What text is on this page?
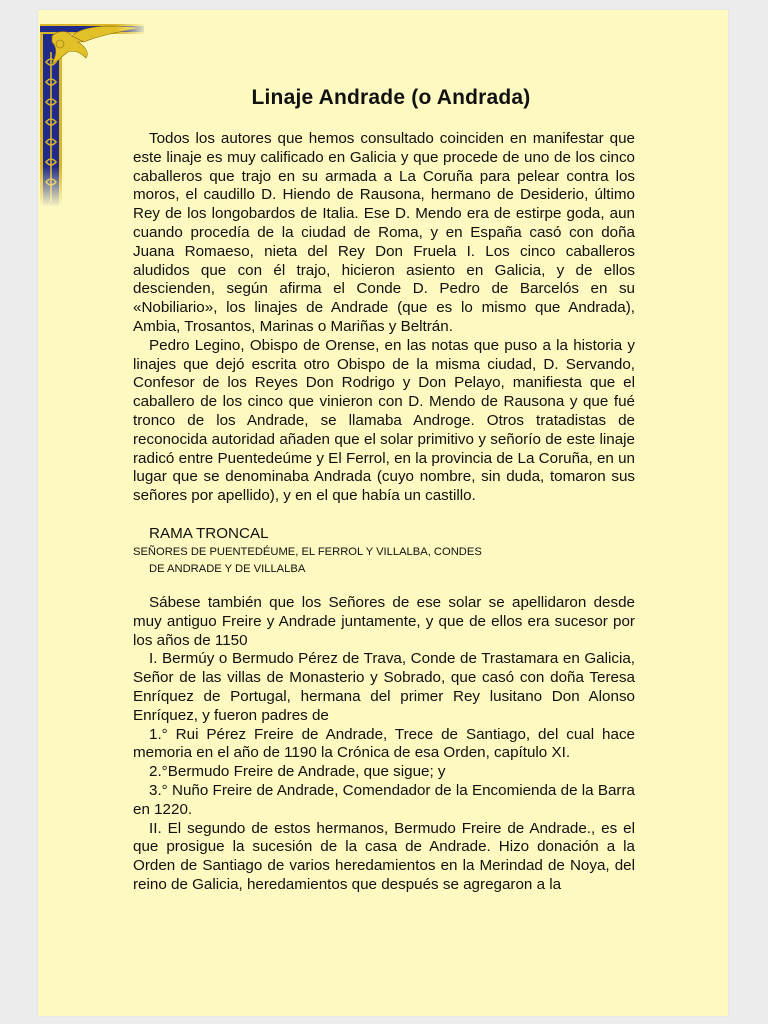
Linaje Andrade (o Andrada)

Todos los autores que hemos consultado coinciden en manifestar que este linaje es muy calificado en Galicia y que procede de uno de los cinco caballeros que trajo en su armada a La Coruña para pelear contra los moros, el caudillo D. Hiendo de Rausona, hermano de Desiderio, último Rey de los longobardos de Italia. Ese D. Mendo era de estirpe goda, aun cuando procedía de la ciudad de Roma, y en España casó con doña Juana Romaeso, nieta del Rey Don Fruela I. Los cinco caballeros aludidos que con él trajo, hicieron asiento en Galicia, y de ellos descienden, según afirma el Conde D. Pedro de Barcelós en su «Nobiliario», los linajes de Andrade (que es lo mismo que Andrada), Ambia, Trosantos, Marinas o Mariñas y Beltrán.

Pedro Legino, Obispo de Orense, en las notas que puso a la historia y linajes que dejó escrita otro Obispo de la misma ciudad, D. Servando, Confesor de los Reyes Don Rodrigo y Don Pelayo, manifiesta que el caballero de los cinco que vinieron con D. Mendo de Rausona y que fué tronco de los Andrade, se llamaba Androge. Otros tratadistas de reconocida autoridad añaden que el solar primitivo y señorío de este linaje radicó entre Puentedeúme y El Ferrol, en la provincia de La Coruña, en un lugar que se denominaba Andrada (cuyo nombre, sin duda, tomaron sus señores por apellido), y en el que había un castillo.

RAMA TRONCAL

SEÑORES DE PUENTEDÉUME, EL FERROL Y VILLALBA, CONDES

DE ANDRADE Y DE VILLALBA

Sábese también que los Señores de ese solar se apellidaron desde muy antiguo Freire y Andrade juntamente, y que de ellos era sucesor por los años de 1150

I. Bermúy o Bermudo Pérez de Trava, Conde de Trastamara en Galicia, Señor de las villas de Monasterio y Sobrado, que casó con doña Teresa Enríquez de Portugal, hermana del primer Rey lusitano Don Alonso Enríquez, y fueron padres de

1.° Rui Pérez Freire de Andrade, Trece de Santiago, del cual hace memoria en el año de 1190 la Crónica de esa Orden, capítulo XI.

2.°Bermudo Freire de Andrade, que sigue; y

3.° Nuño Freire de Andrade, Comendador de la Encomienda de la Barra en 1220.

II. El segundo de estos hermanos, Bermudo Freire de Andrade., es el que prosigue la sucesión de la casa de Andrade. Hizo donación a la Orden de Santiago de varios heredamientos en la Merindad de Noya, del reino de Galicia, heredamientos que después se agregaron a la
